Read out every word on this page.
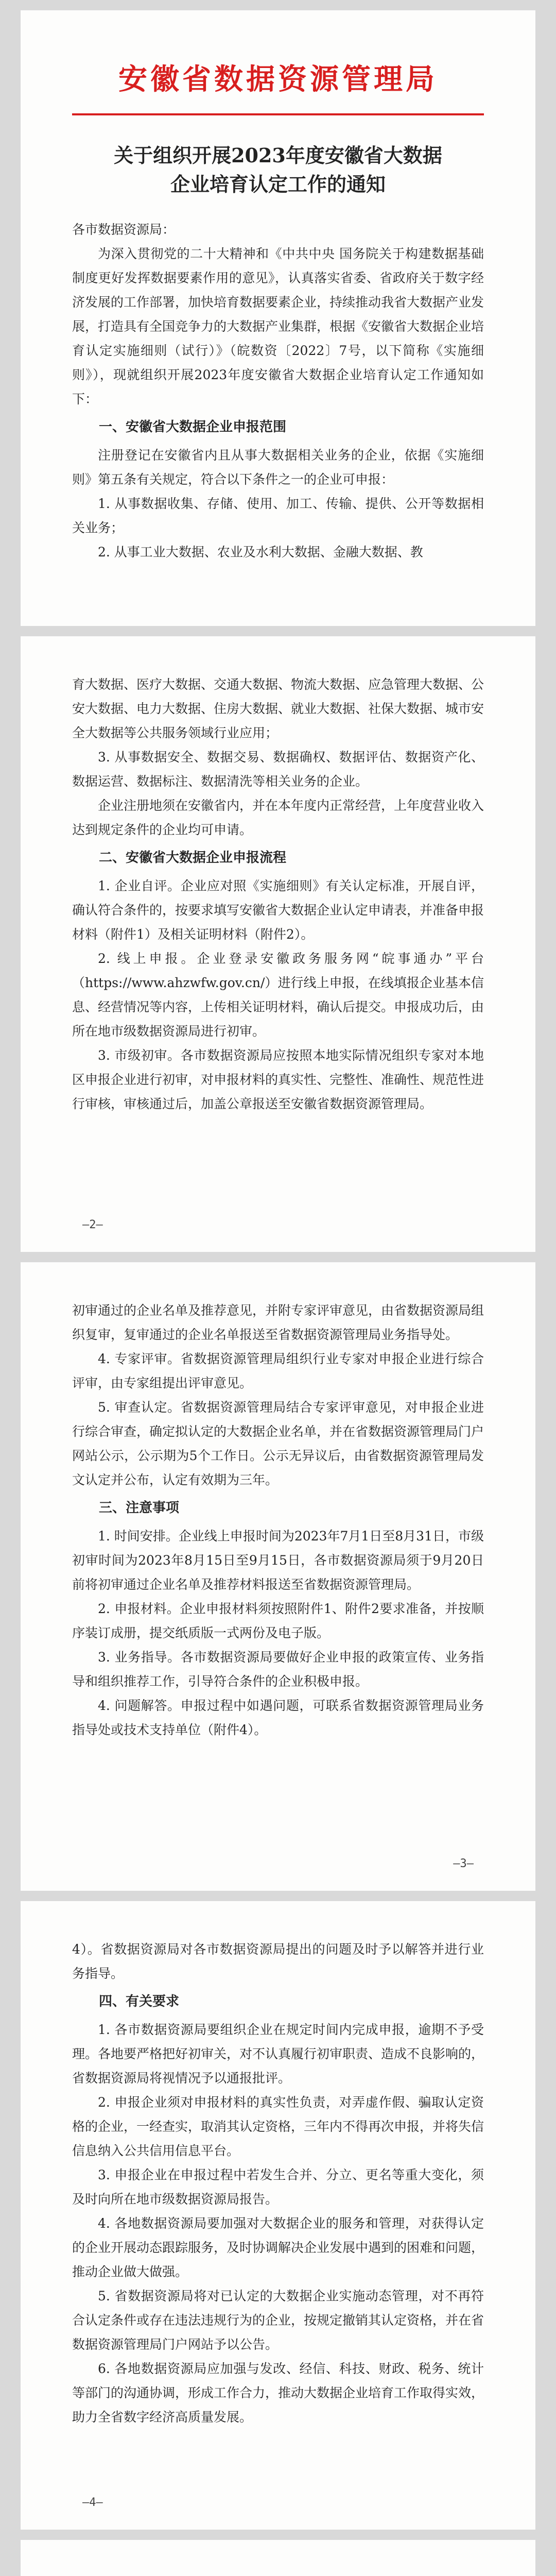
安徽省数据资源管理局
关于组织开展2023年度安徽省大数据
企业培育认定工作的通知

各市数据资源局：

为深入贯彻党的二十大精神和《中共中央 国务院关于构建数据基础制度更好发挥数据要素作用的意见》，认真落实省委、省政府关于数字经济发展的工作部署，加快培育数据要素企业，持续推动我省大数据产业发展，打造具有全国竞争力的大数据产业集群，根据《安徽省大数据企业培育认定实施细则（试行）》（皖数资〔2022〕7号，以下简称《实施细则》），现就组织开展2023年度安徽省大数据企业培育认定工作通知如下：

一、安徽省大数据企业申报范围

注册登记在安徽省内且从事大数据相关业务的企业，依据《实施细则》第五条有关规定，符合以下条件之一的企业可申报：

1. 从事数据收集、存储、使用、加工、传输、提供、公开等数据相关业务；

2. 从事工业大数据、农业及水利大数据、金融大数据、教

育大数据、医疗大数据、交通大数据、物流大数据、应急管理大数据、公安大数据、电力大数据、住房大数据、就业大数据、社保大数据、城市安全大数据等公共服务领域行业应用；

3. 从事数据安全、数据交易、数据确权、数据评估、数据资产化、数据运营、数据标注、数据清洗等相关业务的企业。

企业注册地须在安徽省内，并在本年度内正常经营，上年度营业收入达到规定条件的企业均可申请。

二、安徽省大数据企业申报流程

1. 企业自评。企业应对照《实施细则》有关认定标准，开展自评，确认符合条件的，按要求填写安徽省大数据企业认定申请表，并准备申报材料（附件1）及相关证明材料（附件2）。

2. 线上申报。企业登录安徽政务服务网“皖事通办”平台（https://www.ahzwfw.gov.cn/）进行线上申报，在线填报企业基本信息、经营情况等内容，上传相关证明材料，确认后提交。申报成功后，由所在地市级数据资源局进行初审。

3. 市级初审。各市数据资源局应按照本地实际情况组织专家对本地区申报企业进行初审，对申报材料的真实性、完整性、准确性、规范性进行审核，审核通过后，加盖公章报送至安徽省数据资源管理局。

—2—

初审通过的企业名单及推荐意见，并附专家评审意见，由省数据资源局组织复审，复审通过的企业名单报送至省数据资源管理局业务指导处。

4. 专家评审。省数据资源管理局组织行业专家对申报企业进行综合评审，由专家组提出评审意见。

5. 审查认定。省数据资源管理局结合专家评审意见，对申报企业进行综合审查，确定拟认定的大数据企业名单，并在省数据资源管理局门户网站公示，公示期为5个工作日。公示无异议后，由省数据资源管理局发文认定并公布，认定有效期为三年。

三、注意事项

1. 时间安排。企业线上申报时间为2023年7月1日至8月31日，市级初审时间为2023年8月15日至9月15日，各市数据资源局须于9月20日前将初审通过企业名单及推荐材料报送至省数据资源管理局。

2. 申报材料。企业申报材料须按照附件1、附件2要求准备，并按顺序装订成册，提交纸质版一式两份及电子版。

3. 业务指导。各市数据资源局要做好企业申报的政策宣传、业务指导和组织推荐工作，引导符合条件的企业积极申报。

4. 问题解答。申报过程中如遇问题，可联系省数据资源管理局业务指导处或技术支持单位（附件4）。

—3—

4）。省数据资源局对各市数据资源局提出的问题及时予以解答并进行业务指导。

四、有关要求

1. 各市数据资源局要组织企业在规定时间内完成申报，逾期不予受理。各地要严格把好初审关，对不认真履行初审职责、造成不良影响的，省数据资源局将视情况予以通报批评。

2. 申报企业须对申报材料的真实性负责，对弄虚作假、骗取认定资格的企业，一经查实，取消其认定资格，三年内不得再次申报，并将失信信息纳入公共信用信息平台。

3. 申报企业在申报过程中若发生合并、分立、更名等重大变化，须及时向所在地市级数据资源局报告。

4. 各地数据资源局要加强对大数据企业的服务和管理，对获得认定的企业开展动态跟踪服务，及时协调解决企业发展中遇到的困难和问题，推动企业做大做强。

5. 省数据资源局将对已认定的大数据企业实施动态管理，对不再符合认定条件或存在违法违规行为的企业，按规定撤销其认定资格，并在省数据资源管理局门户网站予以公告。

6. 各地数据资源局应加强与发改、经信、科技、财政、税务、统计等部门的沟通协调，形成工作合力，推动大数据企业培育工作取得实效，助力全省数字经济高质量发展。

—4—
